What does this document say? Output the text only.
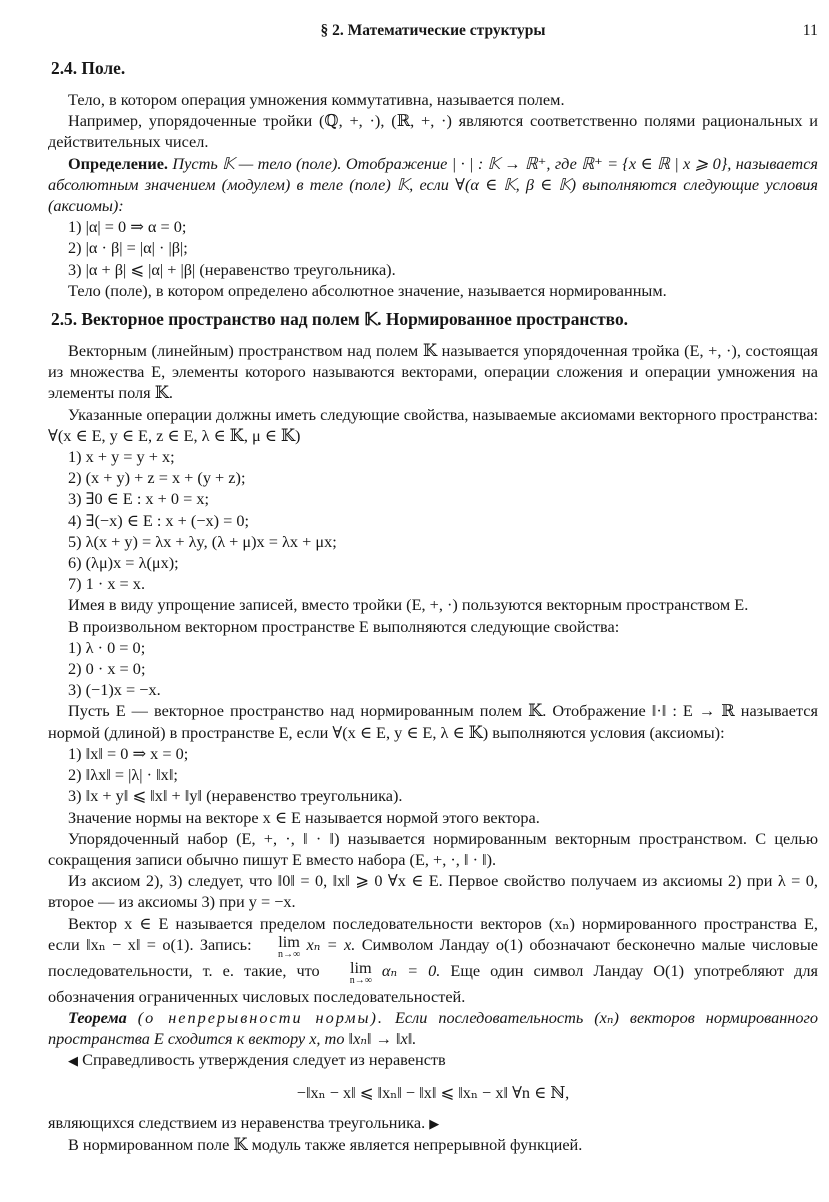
§ 2. Математические структуры	11
2.4. Поле.

Тело, в котором операция умножения коммутативна, называется полем.

Например, упорядоченные тройки (ℚ, +, ·), (ℝ, +, ·) являются соответственно полями рациональных и действительных чисел.

Определение. Пусть 𝕂 — тело (поле). Отображение | · | : 𝕂 → ℝ⁺, где ℝ⁺ = {x ∈ ℝ | x ⩾ 0}, называется абсолютным значением (модулем) в теле (поле) 𝕂, если ∀(α ∈ 𝕂, β ∈ 𝕂) выполняются следующие условия (аксиомы):

1) |α| = 0 ⇒ α = 0;

2) |α · β| = |α| · |β|;

3) |α + β| ⩽ |α| + |β| (неравенство треугольника).

Тело (поле), в котором определено абсолютное значение, называется нормированным.

2.5. Векторное пространство над полем 𝕂. Нормированное пространство.

Векторным (линейным) пространством над полем 𝕂 называется упорядоченная тройка (E, +, ·), состоящая из множества E, элементы которого называются векторами, операции сложения и операции умножения на элементы поля 𝕂.

Указанные операции должны иметь следующие свойства, называемые аксиомами векторного пространства: ∀(x ∈ E, y ∈ E, z ∈ E, λ ∈ 𝕂, μ ∈ 𝕂)

1) x + y = y + x;

2) (x + y) + z = x + (y + z);

3) ∃0 ∈ E : x + 0 = x;

4) ∃(−x) ∈ E : x + (−x) = 0;

5) λ(x + y) = λx + λy, (λ + μ)x = λx + μx;

6) (λμ)x = λ(μx);

7) 1 · x = x.

Имея в виду упрощение записей, вместо тройки (E, +, ·) пользуются векторным пространством E.

В произвольном векторном пространстве E выполняются следующие свойства:

1) λ · 0 = 0;

2) 0 · x = 0;

3) (−1)x = −x.

Пусть E — векторное пространство над нормированным полем 𝕂. Отображение ‖·‖ : E → ℝ называется нормой (длиной) в пространстве E, если ∀(x ∈ E, y ∈ E, λ ∈ 𝕂) выполняются условия (аксиомы):

1) ‖x‖ = 0 ⇒ x = 0;

2) ‖λx‖ = |λ| · ‖x‖;

3) ‖x + y‖ ⩽ ‖x‖ + ‖y‖ (неравенство треугольника).

Значение нормы на векторе x ∈ E называется нормой этого вектора.

Упорядоченный набор (E, +, ·, ‖ · ‖) называется нормированным векторным пространством. С целью сокращения записи обычно пишут E вместо набора (E, +, ·, ‖ · ‖).

Из аксиом 2), 3) следует, что ‖0‖ = 0, ‖x‖ ⩾ 0 ∀x ∈ E. Первое свойство получаем из аксиомы 2) при λ = 0, второе — из аксиомы 3) при y = −x.

Вектор x ∈ E называется пределом последовательности векторов (xₙ) нормированного пространства E, если ‖xₙ − x‖ = o(1). Запись: lim
n→∞
xₙ = x. Символом Ландау o(1) обозначают бесконечно малые числовые последовательности, т. е. такие, что lim
n→∞
αₙ = 0. Еще один символ Ландау O(1) употребляют для обозначения ограниченных числовых последовательностей.

Теорема (о непрерывности нормы). Если последовательность (xₙ) векторов нормированного пространства E сходится к вектору x, то ‖xₙ‖ → ‖x‖.

◀ Справедливость утверждения следует из неравенств

−‖xₙ − x‖ ⩽ ‖xₙ‖ − ‖x‖ ⩽ ‖xₙ − x‖ ∀n ∈ ℕ,

являющихся следствием из неравенства треугольника. ▶

В нормированном поле 𝕂 модуль также является непрерывной функцией.
